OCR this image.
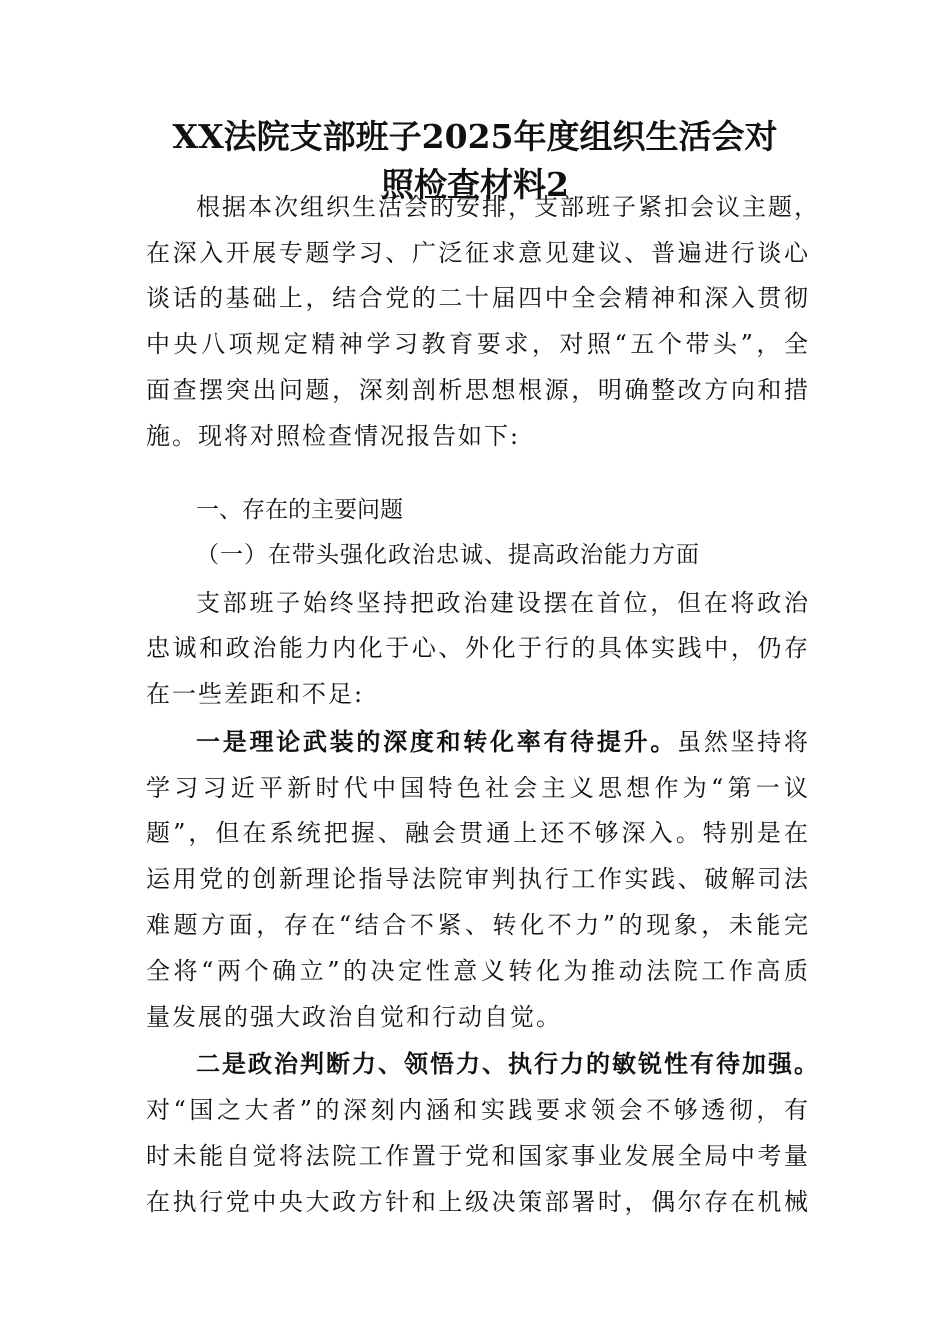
XX法院支部班子2025年度组织生活会对
照检查材料2
根据本次组织生活会的安排，支部班子紧扣会议主题，
在深入开展专题学习、广泛征求意见建议、普遍进行谈心
谈话的基础上，结合党的二十届四中全会精神和深入贯彻
中央八项规定精神学习教育要求，对照“五个带头”，全
面查摆突出问题，深刻剖析思想根源，明确整改方向和措
施。现将对照检查情况报告如下:
一、存在的主要问题
（一）在带头强化政治忠诚、提高政治能力方面
支部班子始终坚持把政治建设摆在首位，但在将政治
忠诚和政治能力内化于心、外化于行的具体实践中，仍存
在一些差距和不足:
一是理论武装的深度和转化率有待提升。虽然坚持将
学习习近平新时代中国特色社会主义思想作为“第一议
题”，但在系统把握、融会贯通上还不够深入。特别是在
运用党的创新理论指导法院审判执行工作实践、破解司法
难题方面，存在“结合不紧、转化不力”的现象，未能完
全将“两个确立”的决定性意义转化为推动法院工作高质
量发展的强大政治自觉和行动自觉。
二是政治判断力、领悟力、执行力的敏锐性有待加强。
对“国之大者”的深刻内涵和实践要求领会不够透彻，有
时未能自觉将法院工作置于党和国家事业发展全局中考量
在执行党中央大政方针和上级决策部署时，偶尔存在机械
